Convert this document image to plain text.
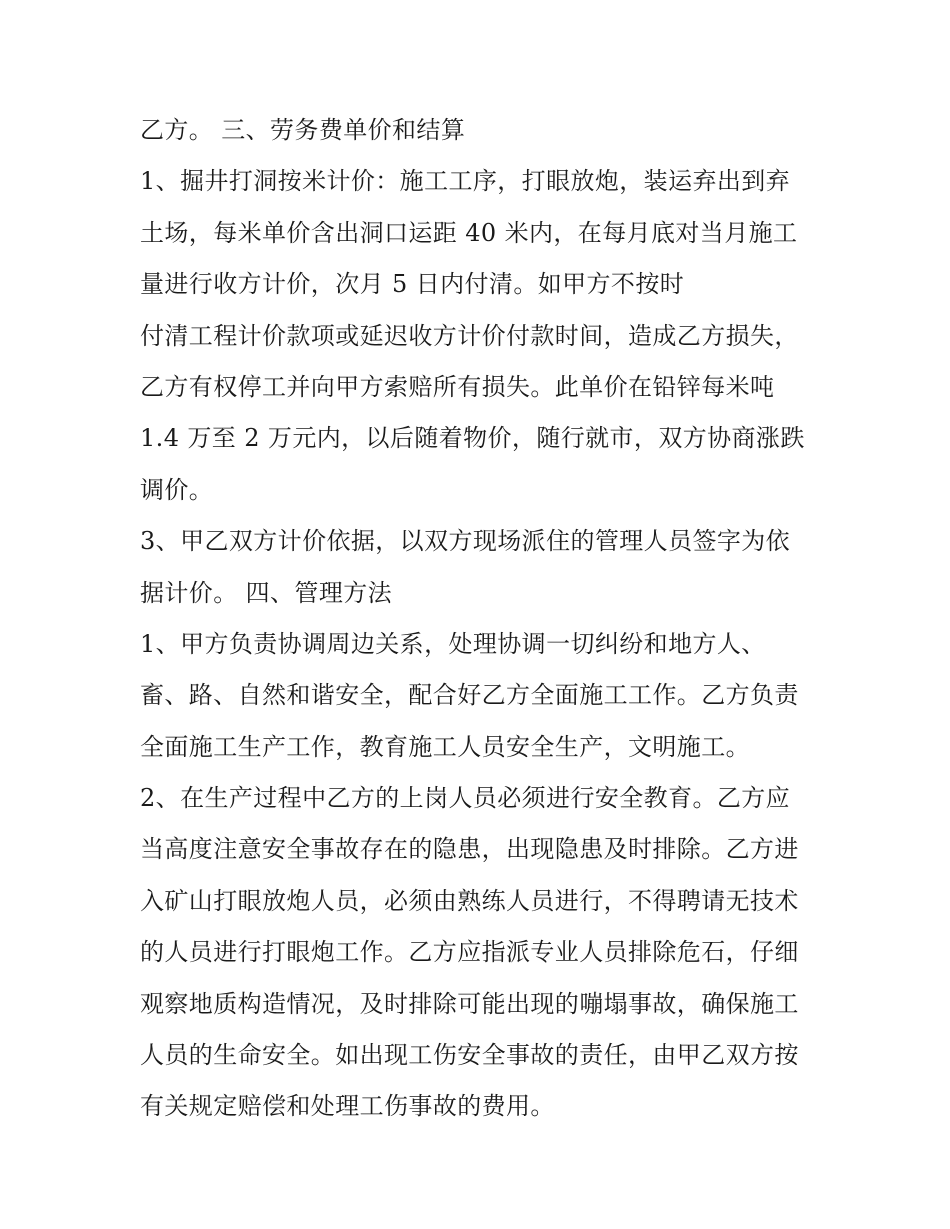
乙方。 三、劳务费单价和结算
1、掘井打洞按米计价：施工工序，打眼放炮，装运弃出到弃
土场，每米单价含出洞口运距 40 米内，在每月底对当月施工
量进行收方计价，次月 5 日内付清。如甲方不按时
付清工程计价款项或延迟收方计价付款时间，造成乙方损失，
乙方有权停工并向甲方索赔所有损失。此单价在铅锌每米吨
1.4 万至 2 万元内，以后随着物价，随行就市，双方协商涨跌
调价。
3、甲乙双方计价依据，以双方现场派住的管理人员签字为依
据计价。 四、管理方法
1、甲方负责协调周边关系，处理协调一切纠纷和地方人、
畜、路、自然和谐安全，配合好乙方全面施工工作。乙方负责
全面施工生产工作，教育施工人员安全生产，文明施工。
2、在生产过程中乙方的上岗人员必须进行安全教育。乙方应
当高度注意安全事故存在的隐患，出现隐患及时排除。乙方进
入矿山打眼放炮人员，必须由熟练人员进行，不得聘请无技术
的人员进行打眼炮工作。乙方应指派专业人员排除危石，仔细
观察地质构造情况，及时排除可能出现的嘣塌事故，确保施工
人员的生命安全。如出现工伤安全事故的责任，由甲乙双方按
有关规定赔偿和处理工伤事故的费用。
